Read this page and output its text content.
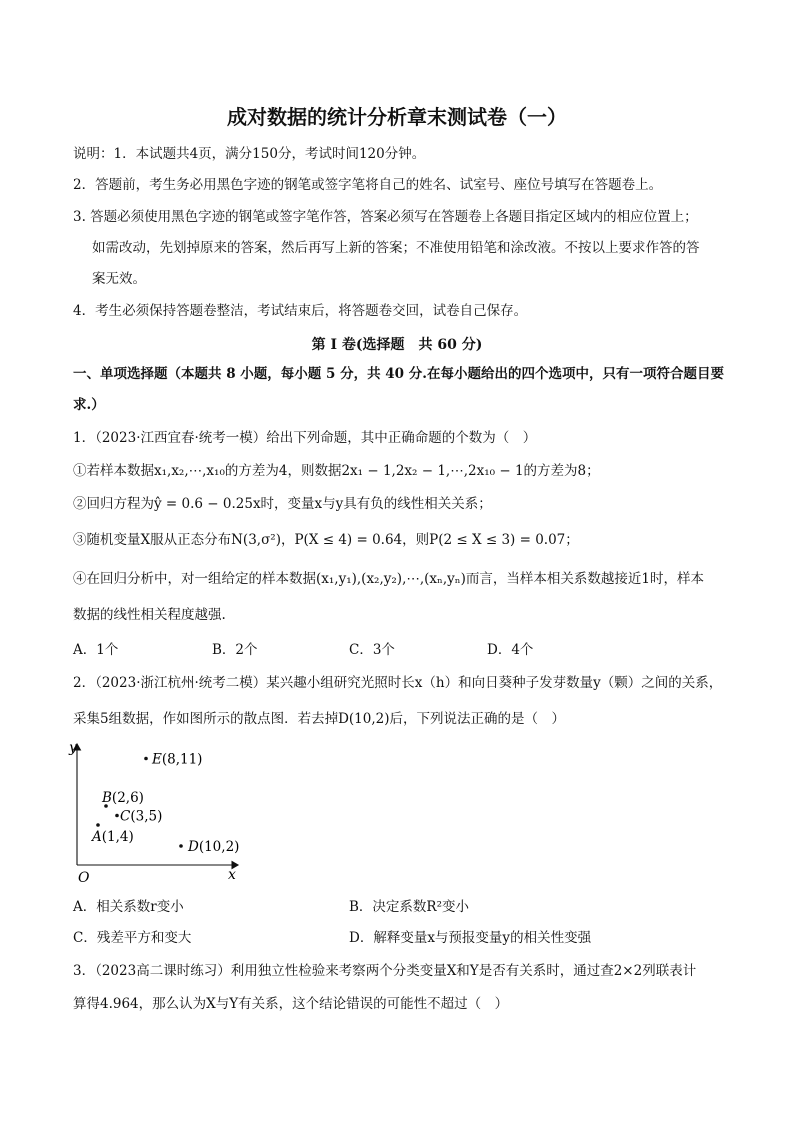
成对数据的统计分析章末测试卷（一）
说明：1．本试题共4页，满分150分，考试时间120分钟。
2．答题前，考生务必用黑色字迹的钢笔或签字笔将自己的姓名、试室号、座位号填写在答题卷上。
3. 答题必须使用黑色字迹的钢笔或签字笔作答，答案必须写在答题卷上各题目指定区域内的相应位置上；
如需改动，先划掉原来的答案，然后再写上新的答案；不准使用铅笔和涂改液。不按以上要求作答的答
案无效。
4．考生必须保持答题卷整洁，考试结束后，将答题卷交回，试卷自己保存。
第 I 卷(选择题　共 60 分)
一、单项选择题（本题共 8 小题，每小题 5 分，共 40 分.在每小题给出的四个选项中，只有一项符合题目要
求.）
1．（2023·江西宜春·统考一模）给出下列命题，其中正确命题的个数为（　）
①若样本数据x₁,x₂,⋯,x₁₀的方差为4，则数据2x₁ − 1,2x₂ − 1,⋯,2x₁₀ − 1的方差为8；
②回归方程为ŷ = 0.6 − 0.25x时，变量x与y具有负的线性相关关系；
③随机变量X服从正态分布N(3,σ²)，P(X ≤ 4) = 0.64，则P(2 ≤ X ≤ 3) = 0.07；
④在回归分析中，对一组给定的样本数据(x₁,y₁),(x₂,y₂),⋯,(xₙ,yₙ)而言，当样本相关系数越接近1时，样本
数据的线性相关程度越强.
A．1个	B．2个	C．3个	D．4个
2．（2023·浙江杭州·统考二模）某兴趣小组研究光照时长x（h）和向日葵种子发芽数量y（颗）之间的关系，
采集5组数据，作如图所示的散点图．若去掉D(10,2)后，下列说法正确的是（　）
y
x
O
A(1,4)
B(2,6)
C(3,5)
D(10,2)
E(8,11)
A．相关系数r变小	B．决定系数R²变小
C．残差平方和变大	D．解释变量x与预报变量y的相关性变强
3．（2023高二课时练习）利用独立性检验来考察两个分类变量X和Y是否有关系时，通过查2×2列联表计
算得4.964，那么认为X与Y有关系，这个结论错误的可能性不超过（　）
